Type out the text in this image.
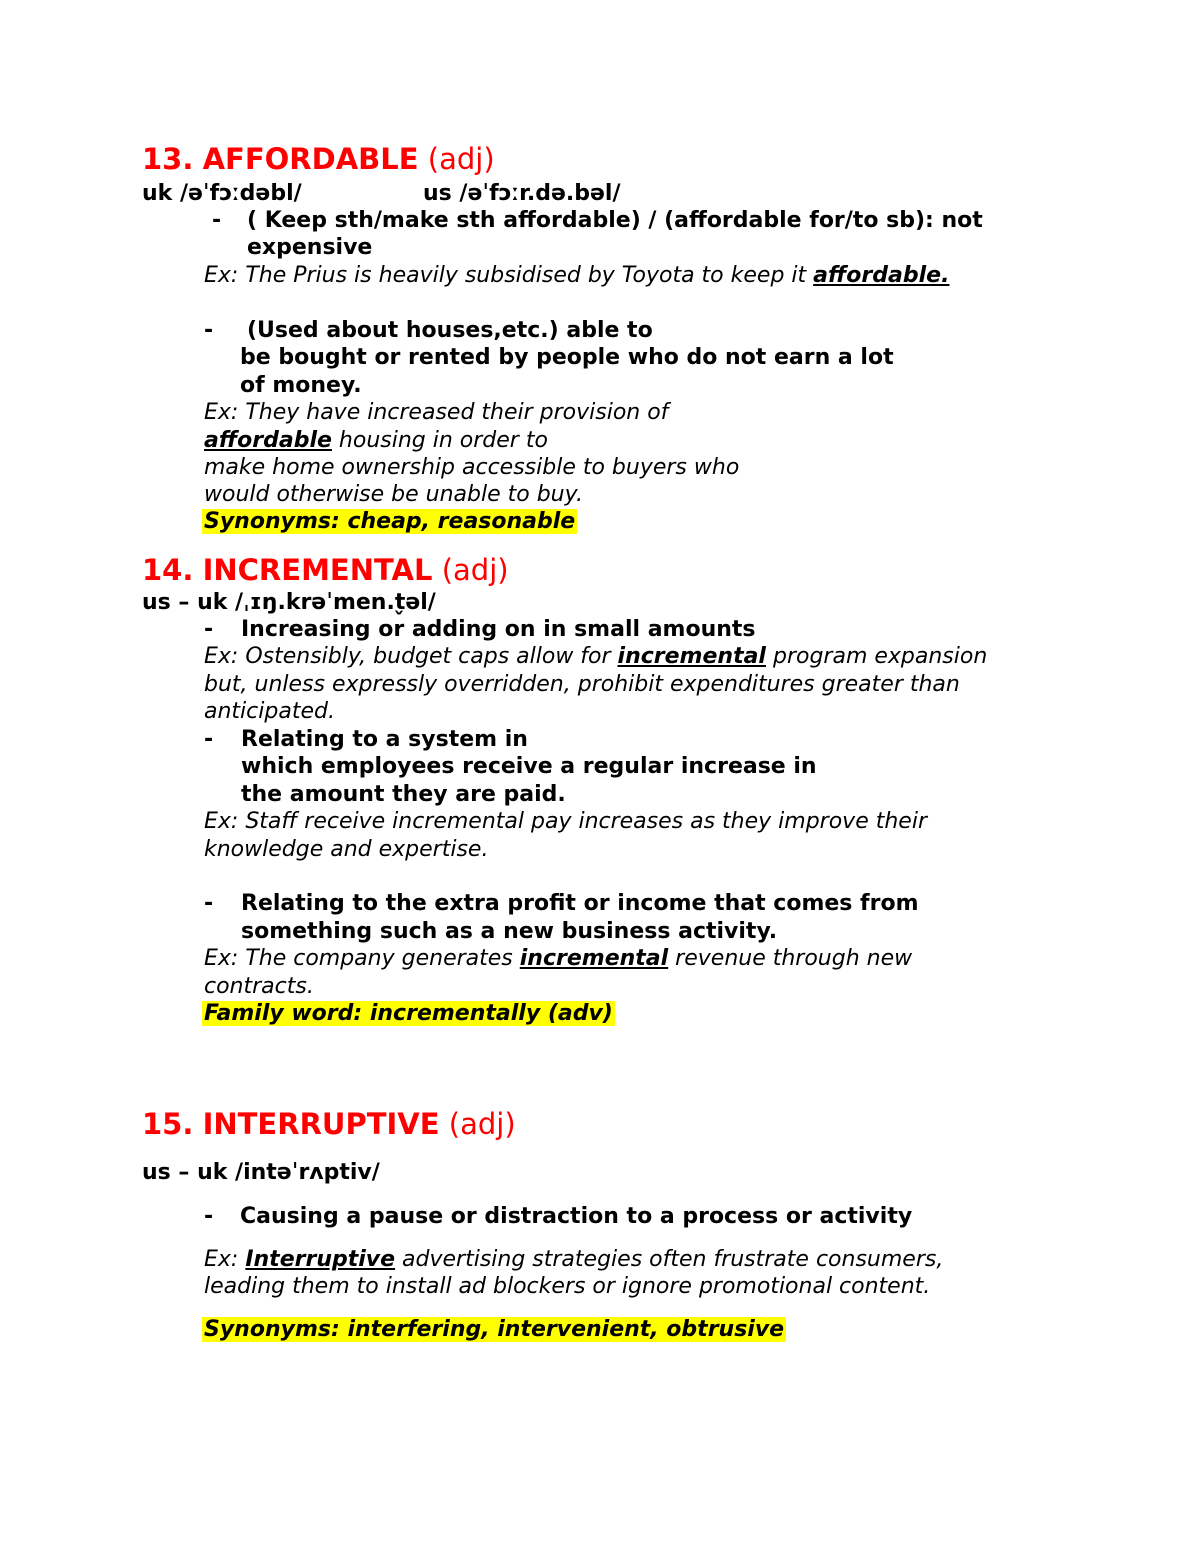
13. AFFORDABLE (adj)
uk /əˈfɔːdəbl/	us /əˈfɔːr.də.bəl/
- ( Keep sth/make sth affordable) / (affordable for/to sb): not
expensive
Ex: The Prius is heavily subsidised by Toyota to keep it affordable.
- (Used about houses,etc.) able to
be bought or rented by people who do not earn a lot
of money.
Ex: They have increased their provision of
affordable housing in order to
make home ownership accessible to buyers who
would otherwise be unable to buy.
Synonyms: cheap, reasonable
14. INCREMENTAL (adj)
us – uk /ˌɪŋ.krəˈmen.t̬əl/
- Increasing or adding on in small amounts
Ex: Ostensibly, budget caps allow for incremental program expansion
but, unless expressly overridden, prohibit expenditures greater than
anticipated.
- Relating to a system in
which employees receive a regular increase in
the amount they are paid.
Ex: Staff receive incremental pay increases as they improve their
knowledge and expertise.
- Relating to the extra profit or income that comes from
something such as a new business activity.
Ex: The company generates incremental revenue through new
contracts.
Family word: incrementally (adv)
15. INTERRUPTIVE (adj)
us – uk /intəˈrʌptiv/
- Causing a pause or distraction to a process or activity
Ex: Interruptive advertising strategies often frustrate consumers,
leading them to install ad blockers or ignore promotional content.
Synonyms: interfering, intervenient, obtrusive
